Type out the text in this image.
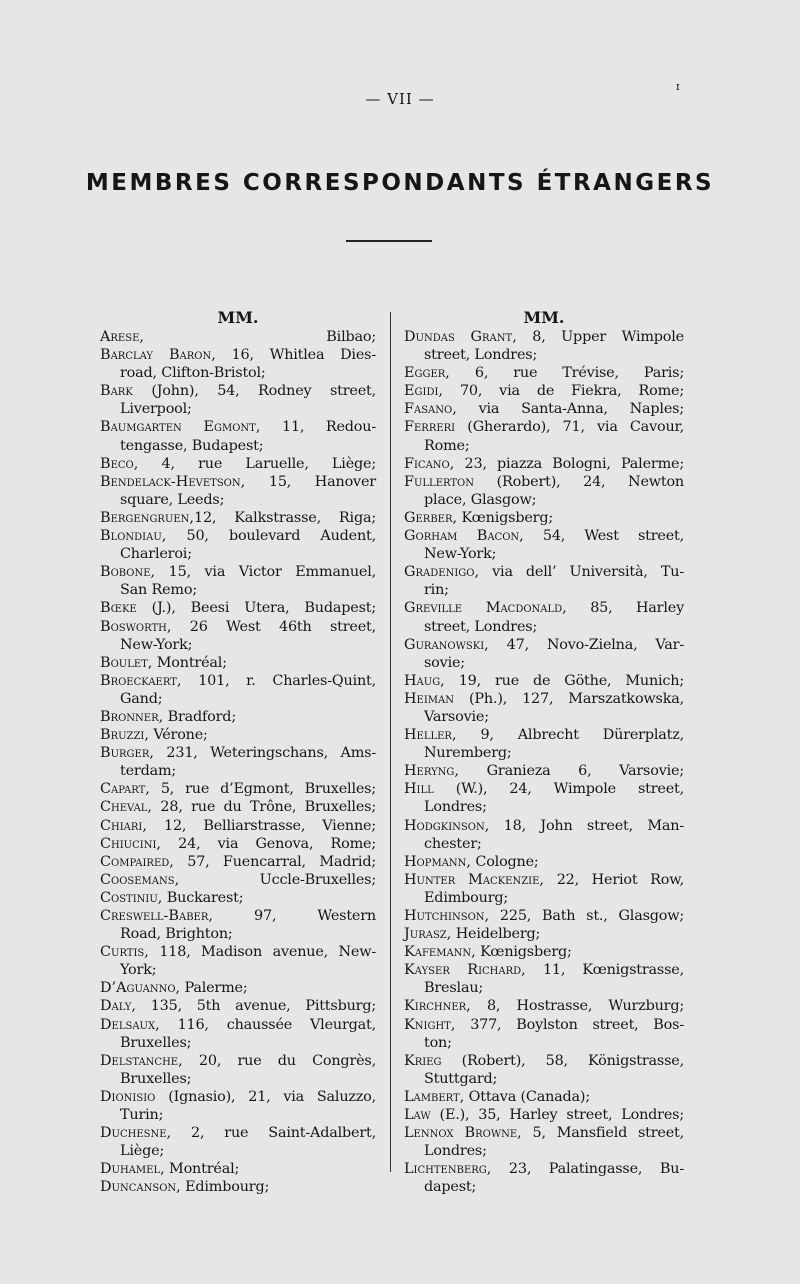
— VII —
ɪ
MEMBRES CORRESPONDANTS ÉTRANGERS
MM.
Arese, Bilbao;
Barclay Baron, 16, Whitlea Dies-
road, Clifton-Bristol;
Bark (John), 54, Rodney street,
Liverpool;
Baumgarten Egmont, 11, Redou-
tengasse, Budapest;
Beco, 4, rue Laruelle, Liège;
Bendelack-Hevetson, 15, Hanover
square, Leeds;
Bergengruen,12, Kalkstrasse, Riga;
Blondiau, 50, boulevard Audent,
Charleroi;
Bobone, 15, via Victor Emmanuel,
San Remo;
Bœke (J.), Beesi Utera, Budapest;
Bosworth, 26 West 46th street,
New-York;
Boulet, Montréal;
Broeckaert, 101, r. Charles-Quint,
Gand;
Bronner, Bradford;
Bruzzi, Vérone;
Burger, 231, Weteringschans, Ams-
terdam;
Capart, 5, rue d’Egmont, Bruxelles;
Cheval, 28, rue du Trône, Bruxelles;
Chiari, 12, Belliarstrasse, Vienne;
Chiucini, 24, via Genova, Rome;
Compaired, 57, Fuencarral, Madrid;
Coosemans, Uccle-Bruxelles;
Costiniu, Buckarest;
Creswell-Baber, 97, Western
Road, Brighton;
Curtis, 118, Madison avenue, New-
York;
D’Aguanno, Palerme;
Daly, 135, 5th avenue, Pittsburg;
Delsaux, 116, chaussée Vleurgat,
Bruxelles;
Delstanche, 20, rue du Congrès,
Bruxelles;
Dionisio (Ignasio), 21, via Saluzzo,
Turin;
Duchesne, 2, rue Saint-Adalbert,
Liège;
Duhamel, Montréal;
Duncanson, Edimbourg;
MM.
Dundas Grant, 8, Upper Wimpole
street, Londres;
Egger, 6, rue Trévise, Paris;
Egidi, 70, via de Fiekra, Rome;
Fasano, via Santa-Anna, Naples;
Ferreri (Gherardo), 71, via Cavour,
Rome;
Ficano, 23, piazza Bologni, Palerme;
Fullerton (Robert), 24, Newton
place, Glasgow;
Gerber, Kœnigsberg;
Gorham Bacon, 54, West street,
New-York;
Gradenigo, via dell’ Università, Tu-
rin;
Greville Macdonald, 85, Harley
street, Londres;
Guranowski, 47, Novo-Zielna, Var-
sovie;
Haug, 19, rue de Göthe, Munich;
Heiman (Ph.), 127, Marszatkowska,
Varsovie;
Heller, 9, Albrecht Dürerplatz,
Nuremberg;
Heryng, Granieza 6, Varsovie;
Hill (W.), 24, Wimpole street,
Londres;
Hodgkinson, 18, John street, Man-
chester;
Hopmann, Cologne;
Hunter Mackenzie, 22, Heriot Row,
Edimbourg;
Hutchinson, 225, Bath st., Glasgow;
Jurasz, Heidelberg;
Kafemann, Kœnigsberg;
Kayser Richard, 11, Kœnigstrasse,
Breslau;
Kirchner, 8, Hostrasse, Wurzburg;
Knight, 377, Boylston street, Bos-
ton;
Krieg (Robert), 58, Königstrasse,
Stuttgard;
Lambert, Ottava (Canada);
Law (E.), 35, Harley street, Londres;
Lennox Browne, 5, Mansfield street,
Londres;
Lichtenberg, 23, Palatingasse, Bu-
dapest;
